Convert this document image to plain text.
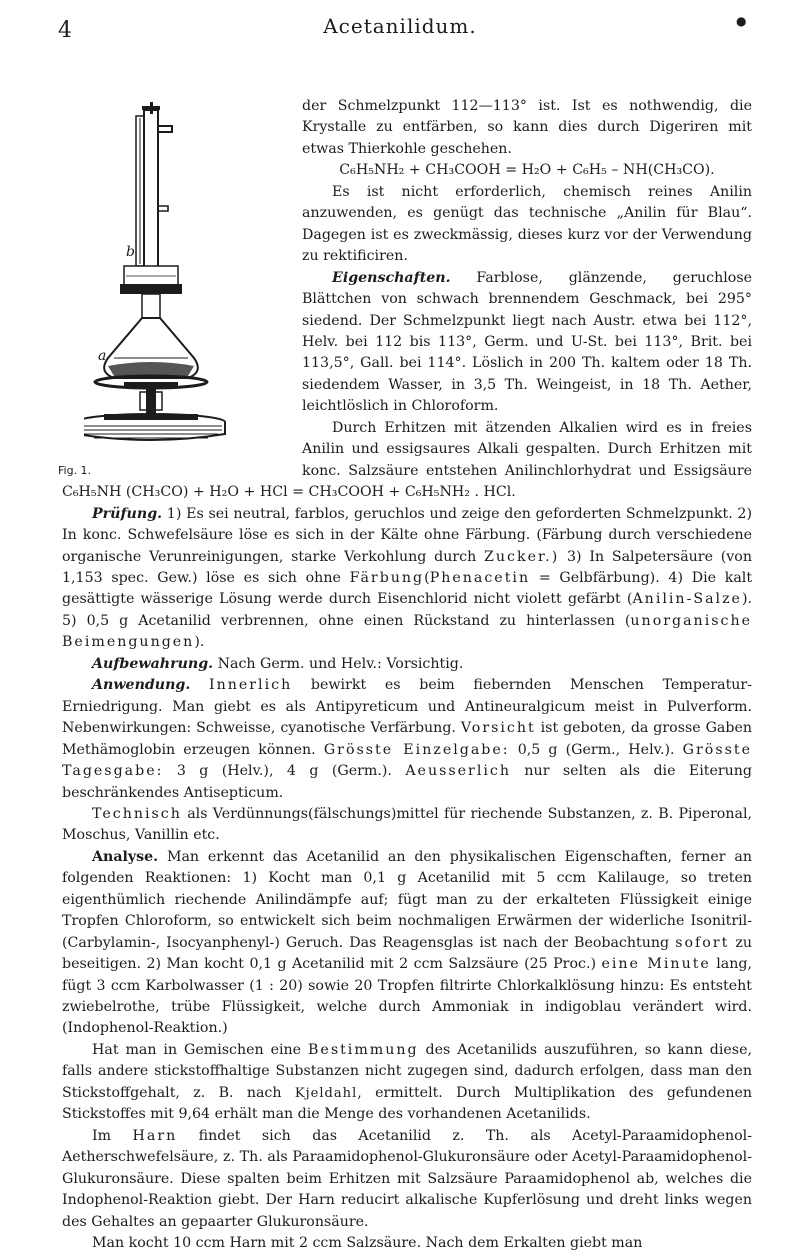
4	Acetanilidum.	●
b
a
Fig. 1.

der Schmelzpunkt 112—113° ist. Ist es nothwendig, die Krystalle zu entfärben, so kann dies durch Digeriren mit etwas Thierkohle geschehen.

C₆H₅NH₂ + CH₃COOH = H₂O + C₆H₅ – NH(CH₃CO).

Es ist nicht erforderlich, chemisch reines Anilin anzuwenden, es genügt das technische „Anilin für Blau“. Dagegen ist es zweckmässig, dieses kurz vor der Verwendung zu rektificiren.

Eigenschaften. Farblose, glänzende, geruchlose Blättchen von schwach brennendem Geschmack, bei 295° siedend. Der Schmelzpunkt liegt nach Austr. etwa bei 112°, Helv. bei 112 bis 113°, Germ. und U-St. bei 113°, Brit. bei 113,5°, Gall. bei 114°. Löslich in 200 Th. kaltem oder 18 Th. siedendem Wasser, in 3,5 Th. Weingeist, in 18 Th. Aether, leichtlöslich in Chloroform.

Durch Erhitzen mit ätzenden Alkalien wird es in freies Anilin und essigsaures Alkali gespalten. Durch Erhitzen mit konc. Salzsäure entstehen Anilinchlorhydrat und Essigsäure C₆H₅NH (CH₃CO) + H₂O + HCl = CH₃COOH + C₆H₅NH₂ . HCl.

Prüfung. 1) Es sei neutral, farblos, geruchlos und zeige den geforderten Schmelzpunkt. 2) In konc. Schwefelsäure löse es sich in der Kälte ohne Färbung. (Färbung durch verschiedene organische Verunreinigungen, starke Verkohlung durch Zucker.) 3) In Salpetersäure (von 1,153 spec. Gew.) löse es sich ohne Färbung(Phenacetin = Gelbfärbung). 4) Die kalt gesättigte wässerige Lösung werde durch Eisenchlorid nicht violett gefärbt (Anilin-Salze). 5) 0,5 g Acetanilid verbrennen, ohne einen Rückstand zu hinterlassen (unorganische Beimengungen).

Aufbewahrung. Nach Germ. und Helv.: Vorsichtig.

Anwendung. Innerlich bewirkt es beim fiebernden Menschen Temperatur-Erniedrigung. Man giebt es als Antipyreticum und Antineuralgicum meist in Pulverform. Nebenwirkungen: Schweisse, cyanotische Verfärbung. Vorsicht ist geboten, da grosse Gaben Methämoglobin erzeugen können. Grösste Einzelgabe: 0,5 g (Germ., Helv.). Grösste Tagesgabe: 3 g (Helv.), 4 g (Germ.). Aeusserlich nur selten als die Eiterung beschränkendes Antisepticum.

Technisch als Verdünnungs(fälschungs)mittel für riechende Substanzen, z. B. Piperonal, Moschus, Vanillin etc.

Analyse. Man erkennt das Acetanilid an den physikalischen Eigenschaften, ferner an folgenden Reaktionen: 1) Kocht man 0,1 g Acetanilid mit 5 ccm Kalilauge, so treten eigenthümlich riechende Anilindämpfe auf; fügt man zu der erkalteten Flüssigkeit einige Tropfen Chloroform, so entwickelt sich beim nochmaligen Erwärmen der widerliche Isonitril- (Carbylamin-, Isocyanphenyl-) Geruch. Das Reagensglas ist nach der Beobachtung sofort zu beseitigen. 2) Man kocht 0,1 g Acetanilid mit 2 ccm Salzsäure (25 Proc.) eine Minute lang, fügt 3 ccm Karbolwasser (1 : 20) sowie 20 Tropfen filtrirte Chlorkalklösung hinzu: Es entsteht zwiebelrothe, trübe Flüssigkeit, welche durch Ammoniak in indigoblau verändert wird. (Indophenol-Reaktion.)

Hat man in Gemischen eine Bestimmung des Acetanilids auszuführen, so kann diese, falls andere stickstoffhaltige Substanzen nicht zugegen sind, dadurch erfolgen, dass man den Stickstoffgehalt, z. B. nach Kjeldahl, ermittelt. Durch Multiplikation des gefundenen Stickstoffes mit 9,64 erhält man die Menge des vorhandenen Acetanilids.

Im Harn findet sich das Acetanilid z. Th. als Acetyl-Paraamidophenol-Aetherschwefelsäure, z. Th. als Paraamidophenol-Glukuronsäure oder Acetyl-Paraamidophenol-Glukuronsäure. Diese spalten beim Erhitzen mit Salzsäure Paraamidophenol ab, welches die Indophenol-Reaktion giebt. Der Harn reducirt alkalische Kupferlösung und dreht links wegen des Gehaltes an gepaarter Glukuronsäure.

Man kocht 10 ccm Harn mit 2 ccm Salzsäure. Nach dem Erkalten giebt man
